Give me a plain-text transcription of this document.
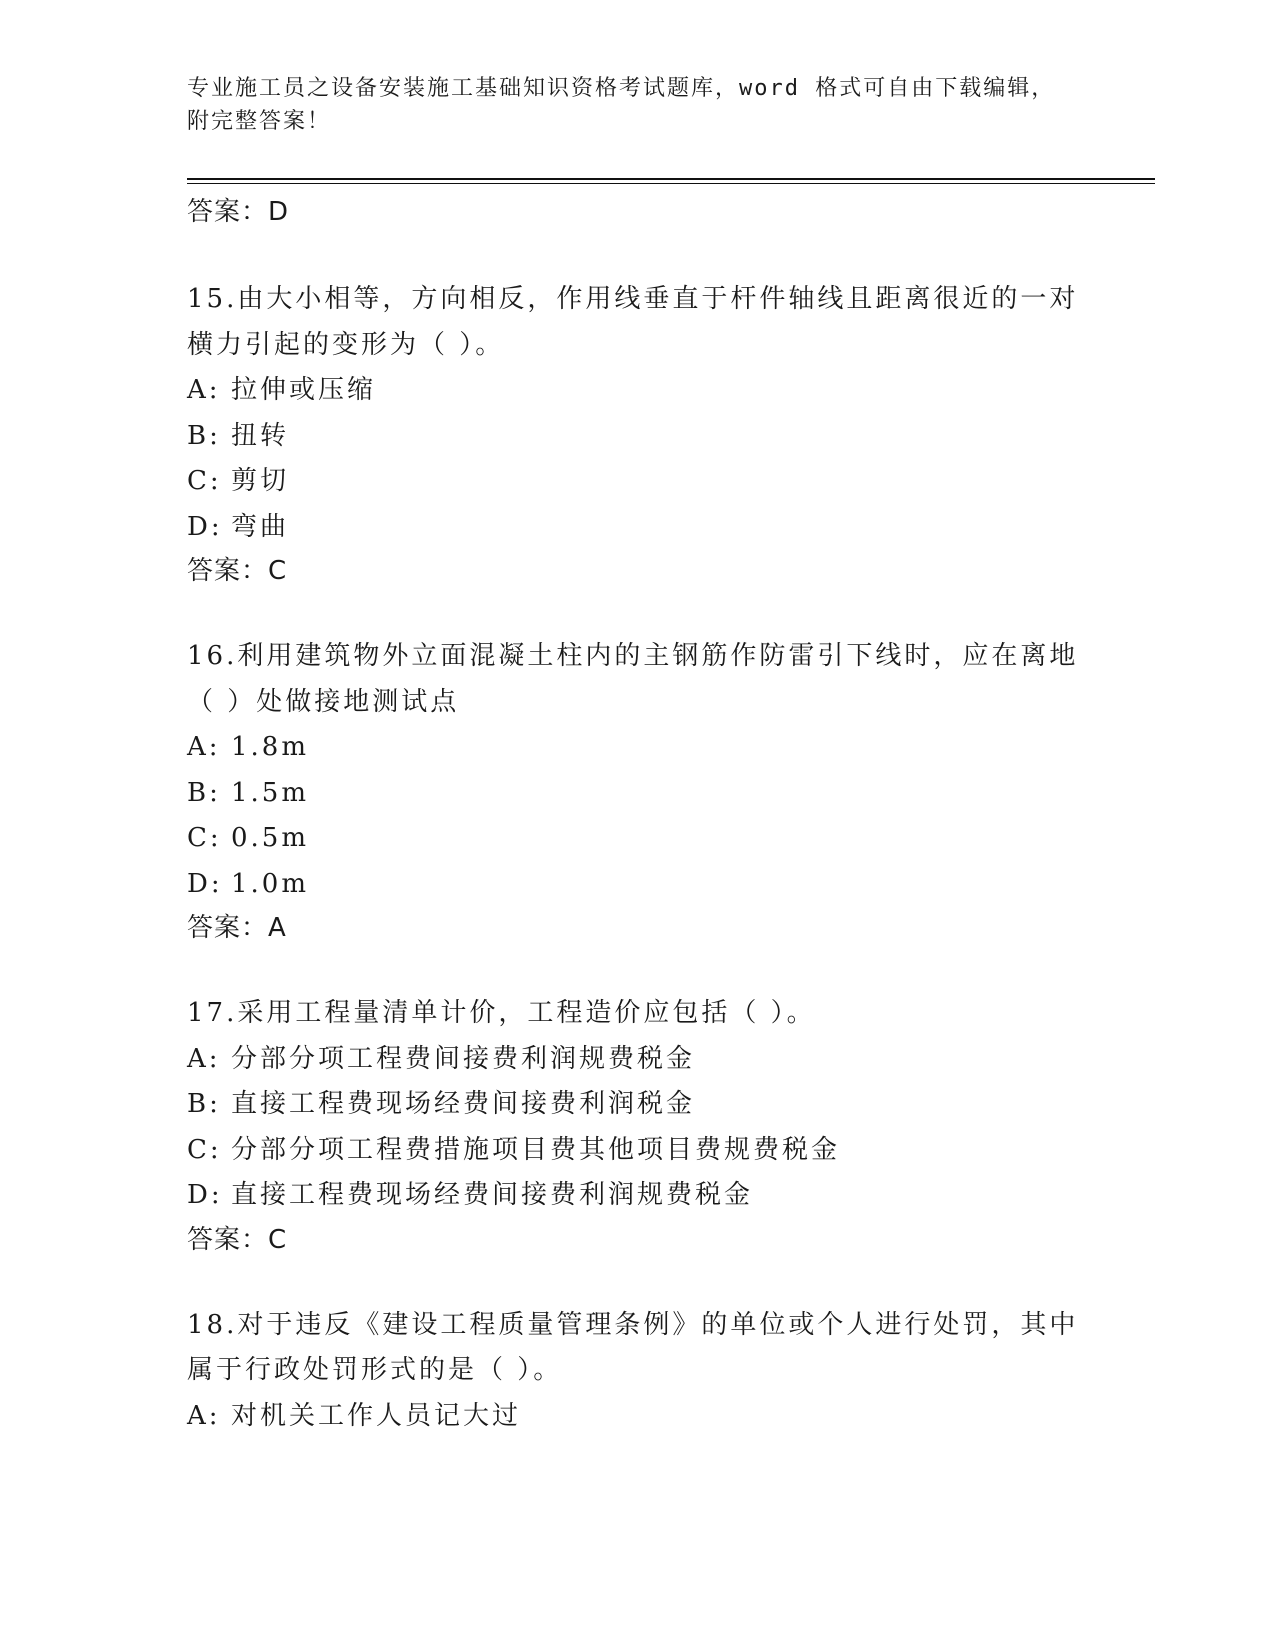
专业施工员之设备安装施工基础知识资格考试题库，word 格式可自由下载编辑，
附完整答案！
答案：D
15.由大小相等，方向相反，作用线垂直于杆件轴线且距离很近的一对
横力引起的变形为（ ）。
A: 拉伸或压缩
B: 扭转
C: 剪切
D: 弯曲
答案：C
16.利用建筑物外立面混凝土柱内的主钢筋作防雷引下线时，应在离地
（ ）处做接地测试点
A: 1.8m
B: 1.5m
C: 0.5m
D: 1.0m
答案：A
17.采用工程量清单计价，工程造价应包括（ ）。
A: 分部分项工程费间接费利润规费税金
B: 直接工程费现场经费间接费利润税金
C: 分部分项工程费措施项目费其他项目费规费税金
D: 直接工程费现场经费间接费利润规费税金
答案：C
18.对于违反《建设工程质量管理条例》的单位或个人进行处罚，其中
属于行政处罚形式的是（ ）。
A: 对机关工作人员记大过
